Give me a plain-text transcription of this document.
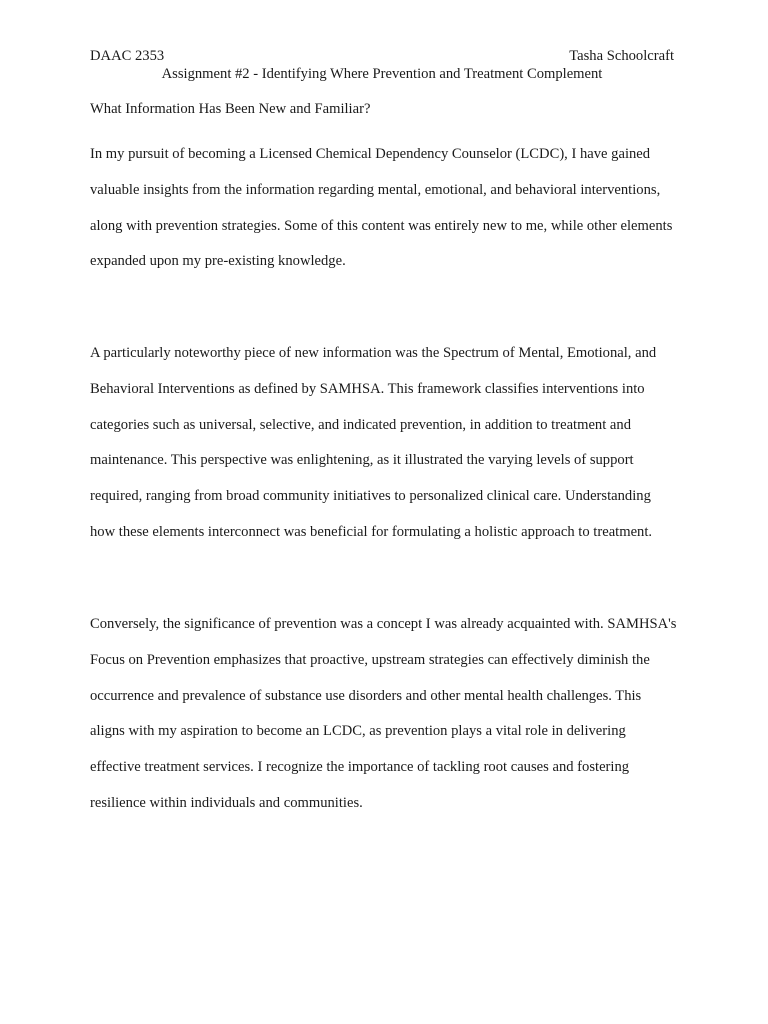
DAAC 2353	Tasha Schoolcraft
Assignment #2 - Identifying Where Prevention and Treatment Complement
What Information Has Been New and Familiar?

In my pursuit of becoming a Licensed Chemical Dependency Counselor (LCDC), I have gained valuable insights from the information regarding mental, emotional, and behavioral interventions, along with prevention strategies. Some of this content was entirely new to me, while other elements expanded upon my pre-existing knowledge.

A particularly noteworthy piece of new information was the Spectrum of Mental, Emotional, and Behavioral Interventions as defined by SAMHSA. This framework classifies interventions into categories such as universal, selective, and indicated prevention, in addition to treatment and maintenance. This perspective was enlightening, as it illustrated the varying levels of support required, ranging from broad community initiatives to personalized clinical care. Understanding how these elements interconnect was beneficial for formulating a holistic approach to treatment.

Conversely, the significance of prevention was a concept I was already acquainted with. SAMHSA's Focus on Prevention emphasizes that proactive, upstream strategies can effectively diminish the occurrence and prevalence of substance use disorders and other mental health challenges. This aligns with my aspiration to become an LCDC, as prevention plays a vital role in delivering effective treatment services. I recognize the importance of tackling root causes and fostering resilience within individuals and communities.
